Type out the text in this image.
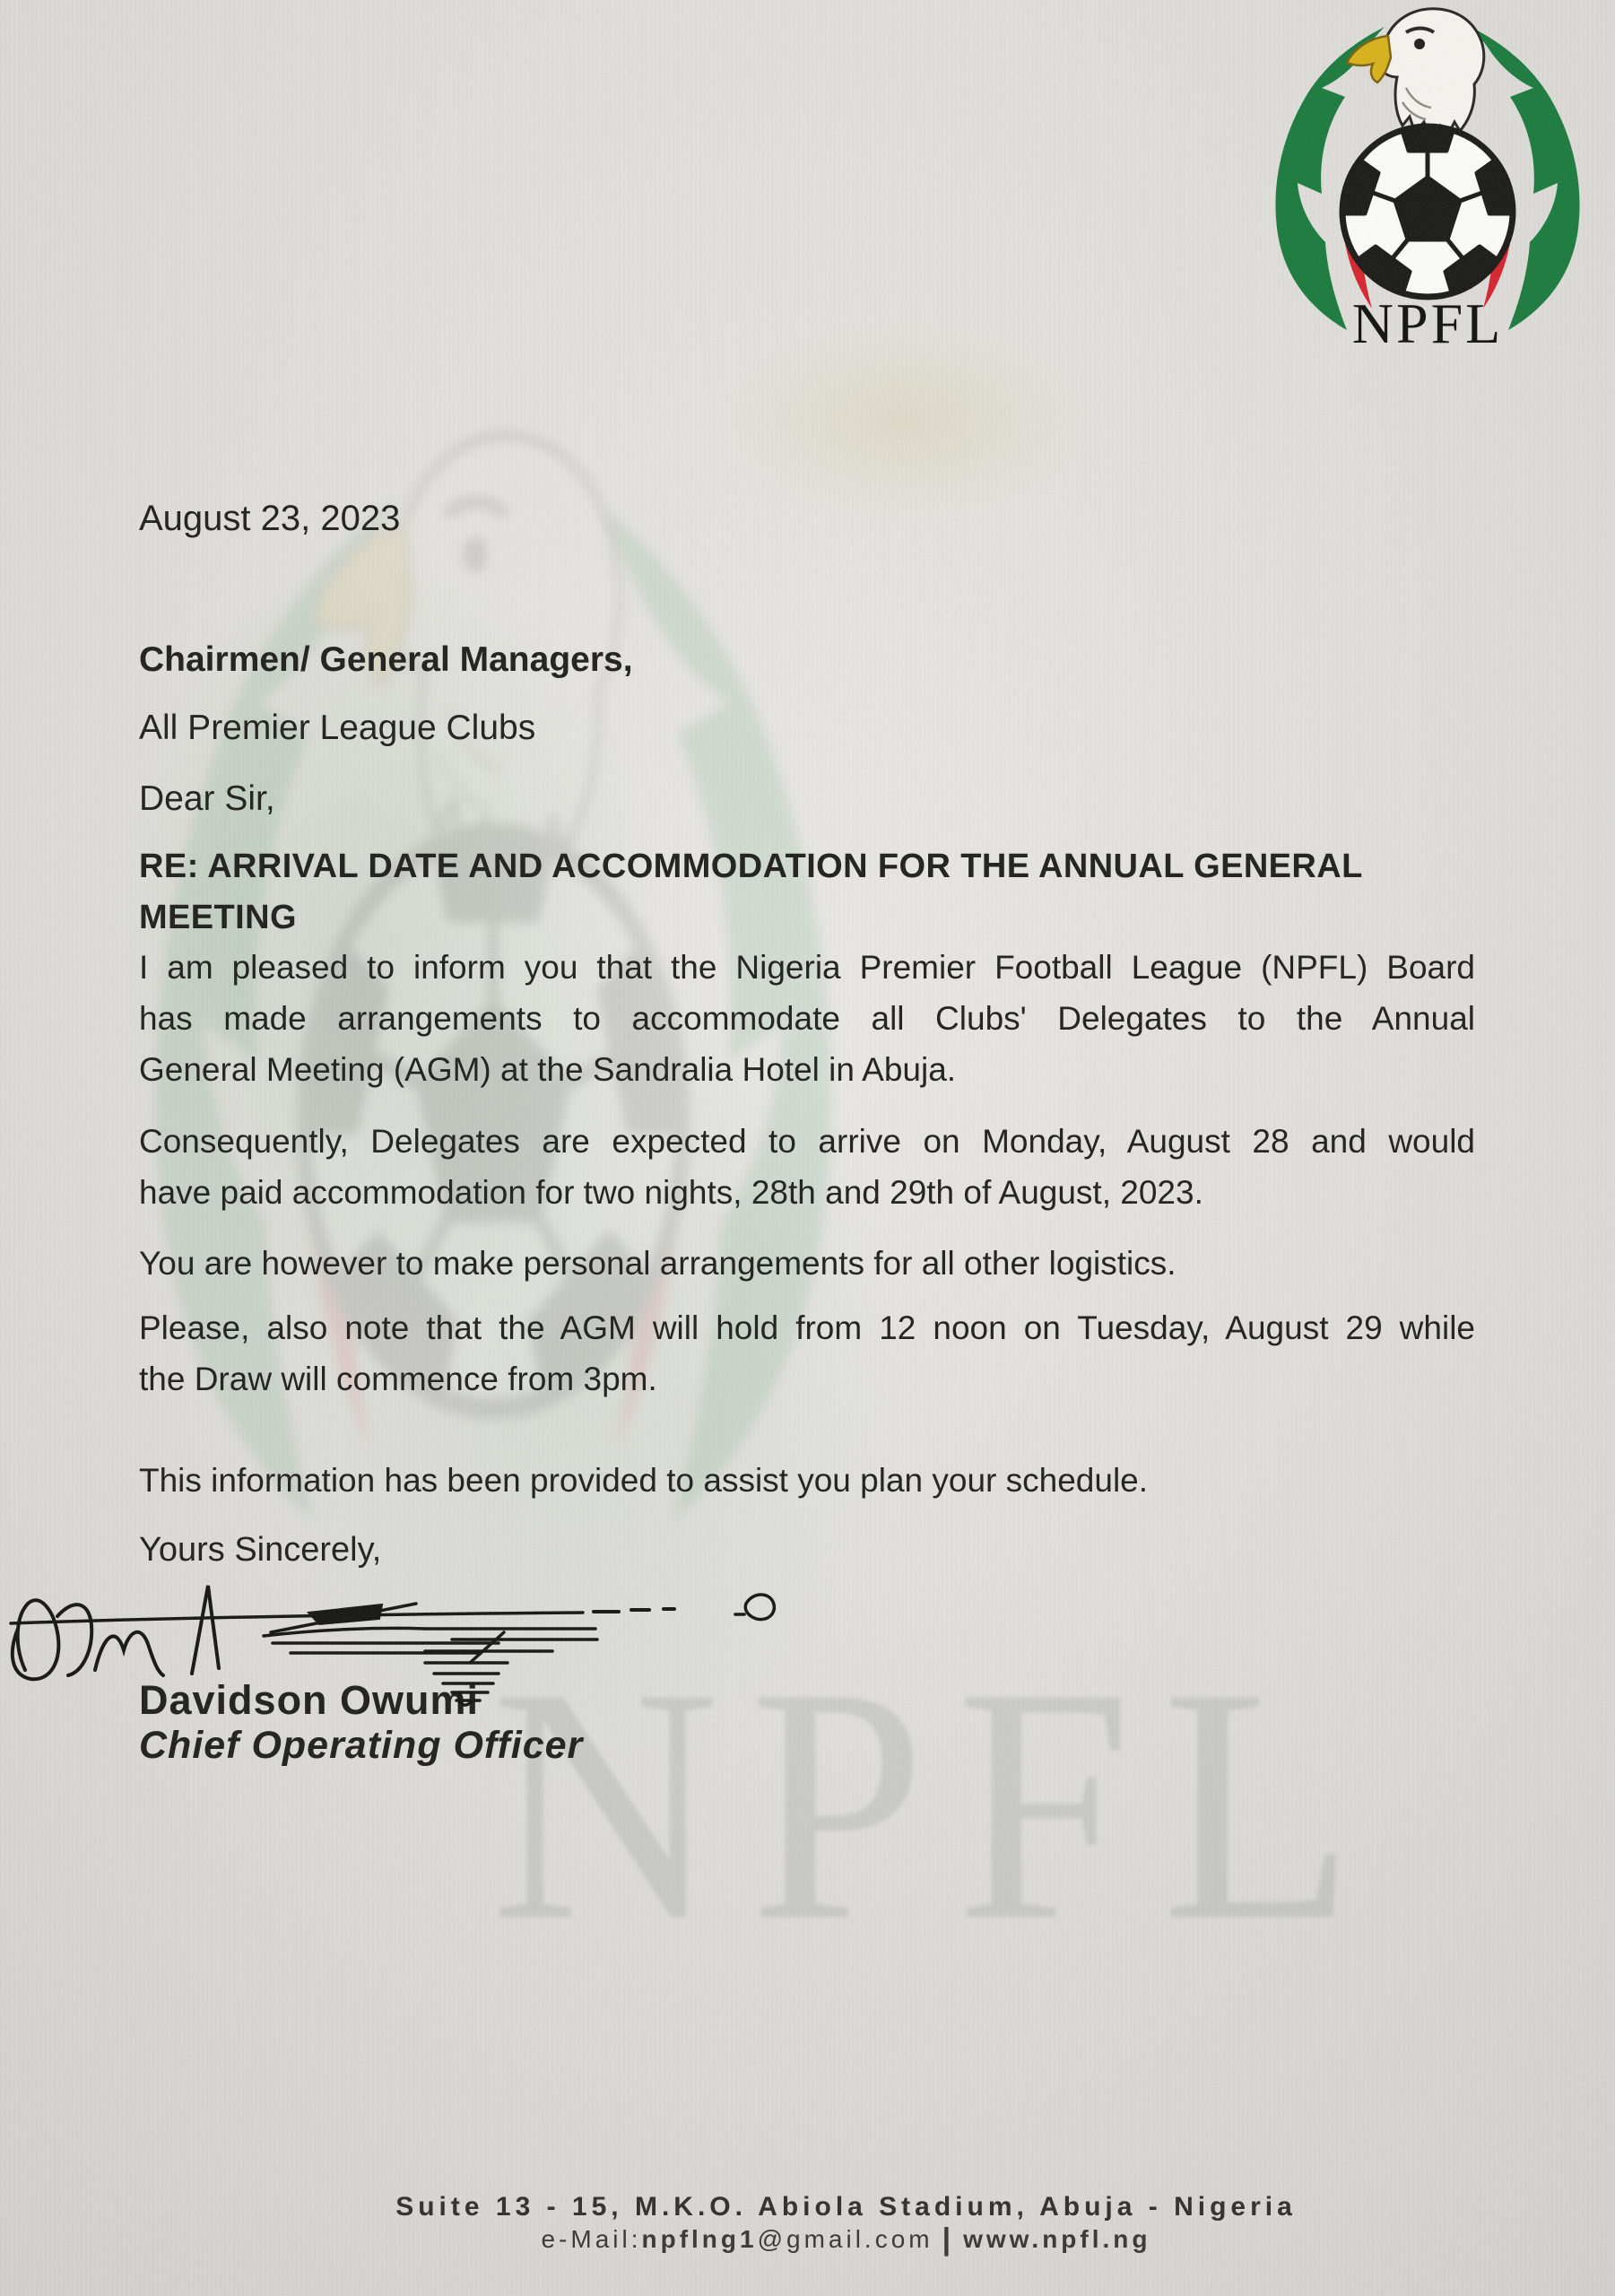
NPFL
NPFL
August 23, 2023
Chairmen/ General Managers,
All Premier League Clubs
Dear Sir,
RE: ARRIVAL DATE AND ACCOMMODATION FOR THE ANNUAL GENERAL MEETING
I am pleased to inform you that the Nigeria Premier Football League (NPFL) Board
has made arrangements to accommodate all Clubs' Delegates to the Annual
General Meeting (AGM) at the Sandralia Hotel in Abuja.
Consequently, Delegates are expected to arrive on Monday, August 28 and would
have paid accommodation for two nights, 28th and 29th of August, 2023.
You are however to make personal arrangements for all other logistics.
Please, also note that the AGM will hold from 12 noon on Tuesday, August 29 while
the Draw will commence from 3pm.
This information has been provided to assist you plan your schedule.
Yours Sincerely,
Davidson Owumi
Chief Operating Officer
Suite 13 - 15, M.K.O. Abiola Stadium, Abuja - Nigeria
e-Mail:npflng1@gmail.com | www.npfl.ng
